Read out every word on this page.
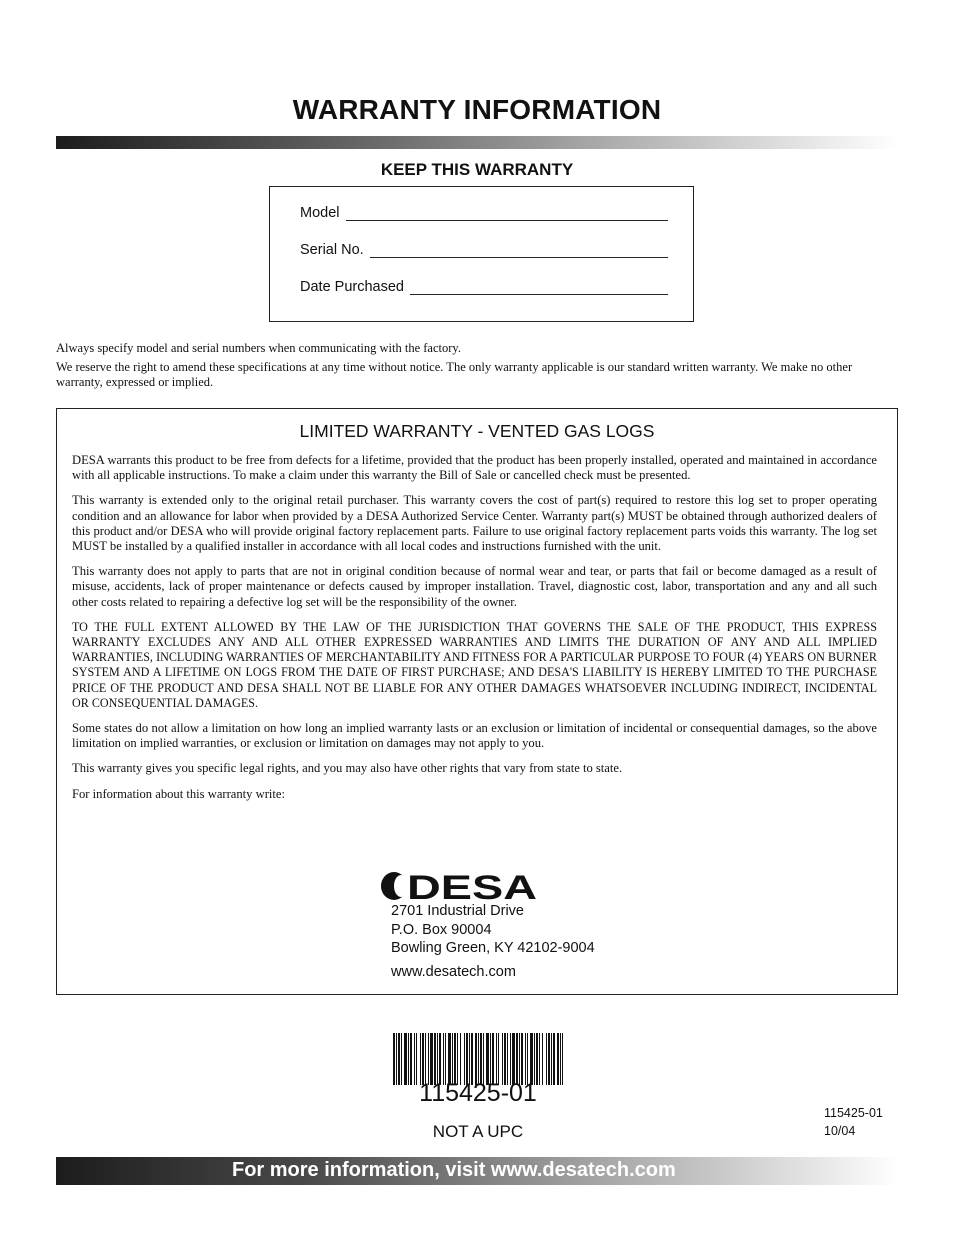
WARRANTY INFORMATION
KEEP THIS WARRANTY
Model
Serial No.
Date Purchased
Always specify model and serial numbers when communicating with the factory.
We reserve the right to amend these specifications at any time without notice. The only warranty applicable is our standard written warranty. We make no other warranty, expressed or implied.
LIMITED WARRANTY - VENTED GAS LOGS

DESA warrants this product to be free from defects for a lifetime, provided that the product has been properly installed, operated and maintained in accordance with all applicable instructions. To make a claim under this warranty the Bill of Sale or cancelled check must be presented.

This warranty is extended only to the original retail purchaser. This warranty covers the cost of part(s) required to restore this log set to proper operating condition and an allowance for labor when provided by a DESA Authorized Service Center. Warranty part(s) MUST be obtained through authorized dealers of this product and/or DESA who will provide original factory replacement parts. Failure to use original factory replacement parts voids this warranty. The log set MUST be installed by a qualified installer in accordance with all local codes and instructions furnished with the unit.

This warranty does not apply to parts that are not in original condition because of normal wear and tear, or parts that fail or become damaged as a result of misuse, accidents, lack of proper maintenance or defects caused by improper installation. Travel, diagnostic cost, labor, transportation and any and all such other costs related to repairing a defective log set will be the responsibility of the owner.

TO THE FULL EXTENT ALLOWED BY THE LAW OF THE JURISDICTION THAT GOVERNS THE SALE OF THE PRODUCT, THIS EXPRESS WARRANTY EXCLUDES ANY AND ALL OTHER EXPRESSED WARRANTIES AND LIMITS THE DURATION OF ANY AND ALL IMPLIED WARRANTIES, INCLUDING WARRANTIES OF MERCHANTABILITY AND FITNESS FOR A PARTICULAR PURPOSE TO FOUR (4) YEARS ON BURNER SYSTEM AND A LIFETIME ON LOGS FROM THE DATE OF FIRST PURCHASE; AND DESA'S LIABILITY IS HEREBY LIMITED TO THE PURCHASE PRICE OF THE PRODUCT AND DESA SHALL NOT BE LIABLE FOR ANY OTHER DAMAGES WHATSOEVER INCLUDING INDIRECT, INCIDENTAL OR CONSEQUENTIAL DAMAGES.

Some states do not allow a limitation on how long an implied warranty lasts or an exclusion or limitation of incidental or consequential damages, so the above limitation on implied warranties, or exclusion or limitation on damages may not apply to you.

This warranty gives you specific legal rights, and you may also have other rights that vary from state to state.

For information about this warranty write:

DESA
2701 Industrial Drive
P.O. Box 90004
Bowling Green, KY 42102-9004
www.desatech.com
115425-01
NOT A UPC
115425-01
10/04
For more information, visit www.desatech.com
